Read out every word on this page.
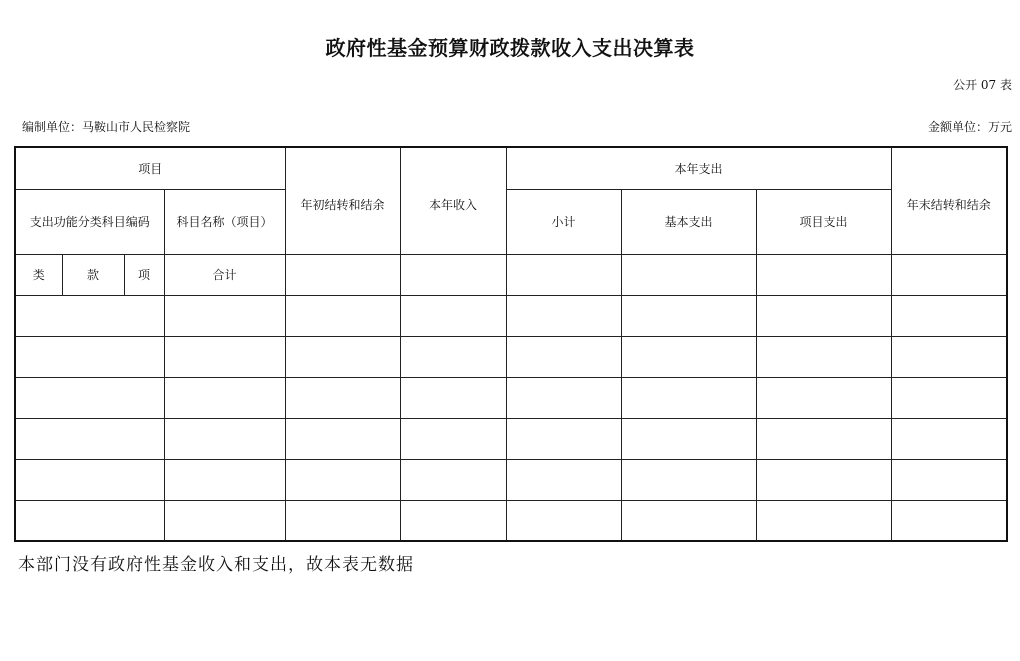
政府性基金预算财政拨款收入支出决算表
公开 07 表
编制单位：马鞍山市人民检察院	金额单位：万元
项目				年初结转和结余	本年收入	本年支出			年末结转和结余
支出功能分类科目编码			科目名称（项目）			小计	基本支出	项目支出	
类	款	项	合计						

本部门没有政府性基金收入和支出，故本表无数据
